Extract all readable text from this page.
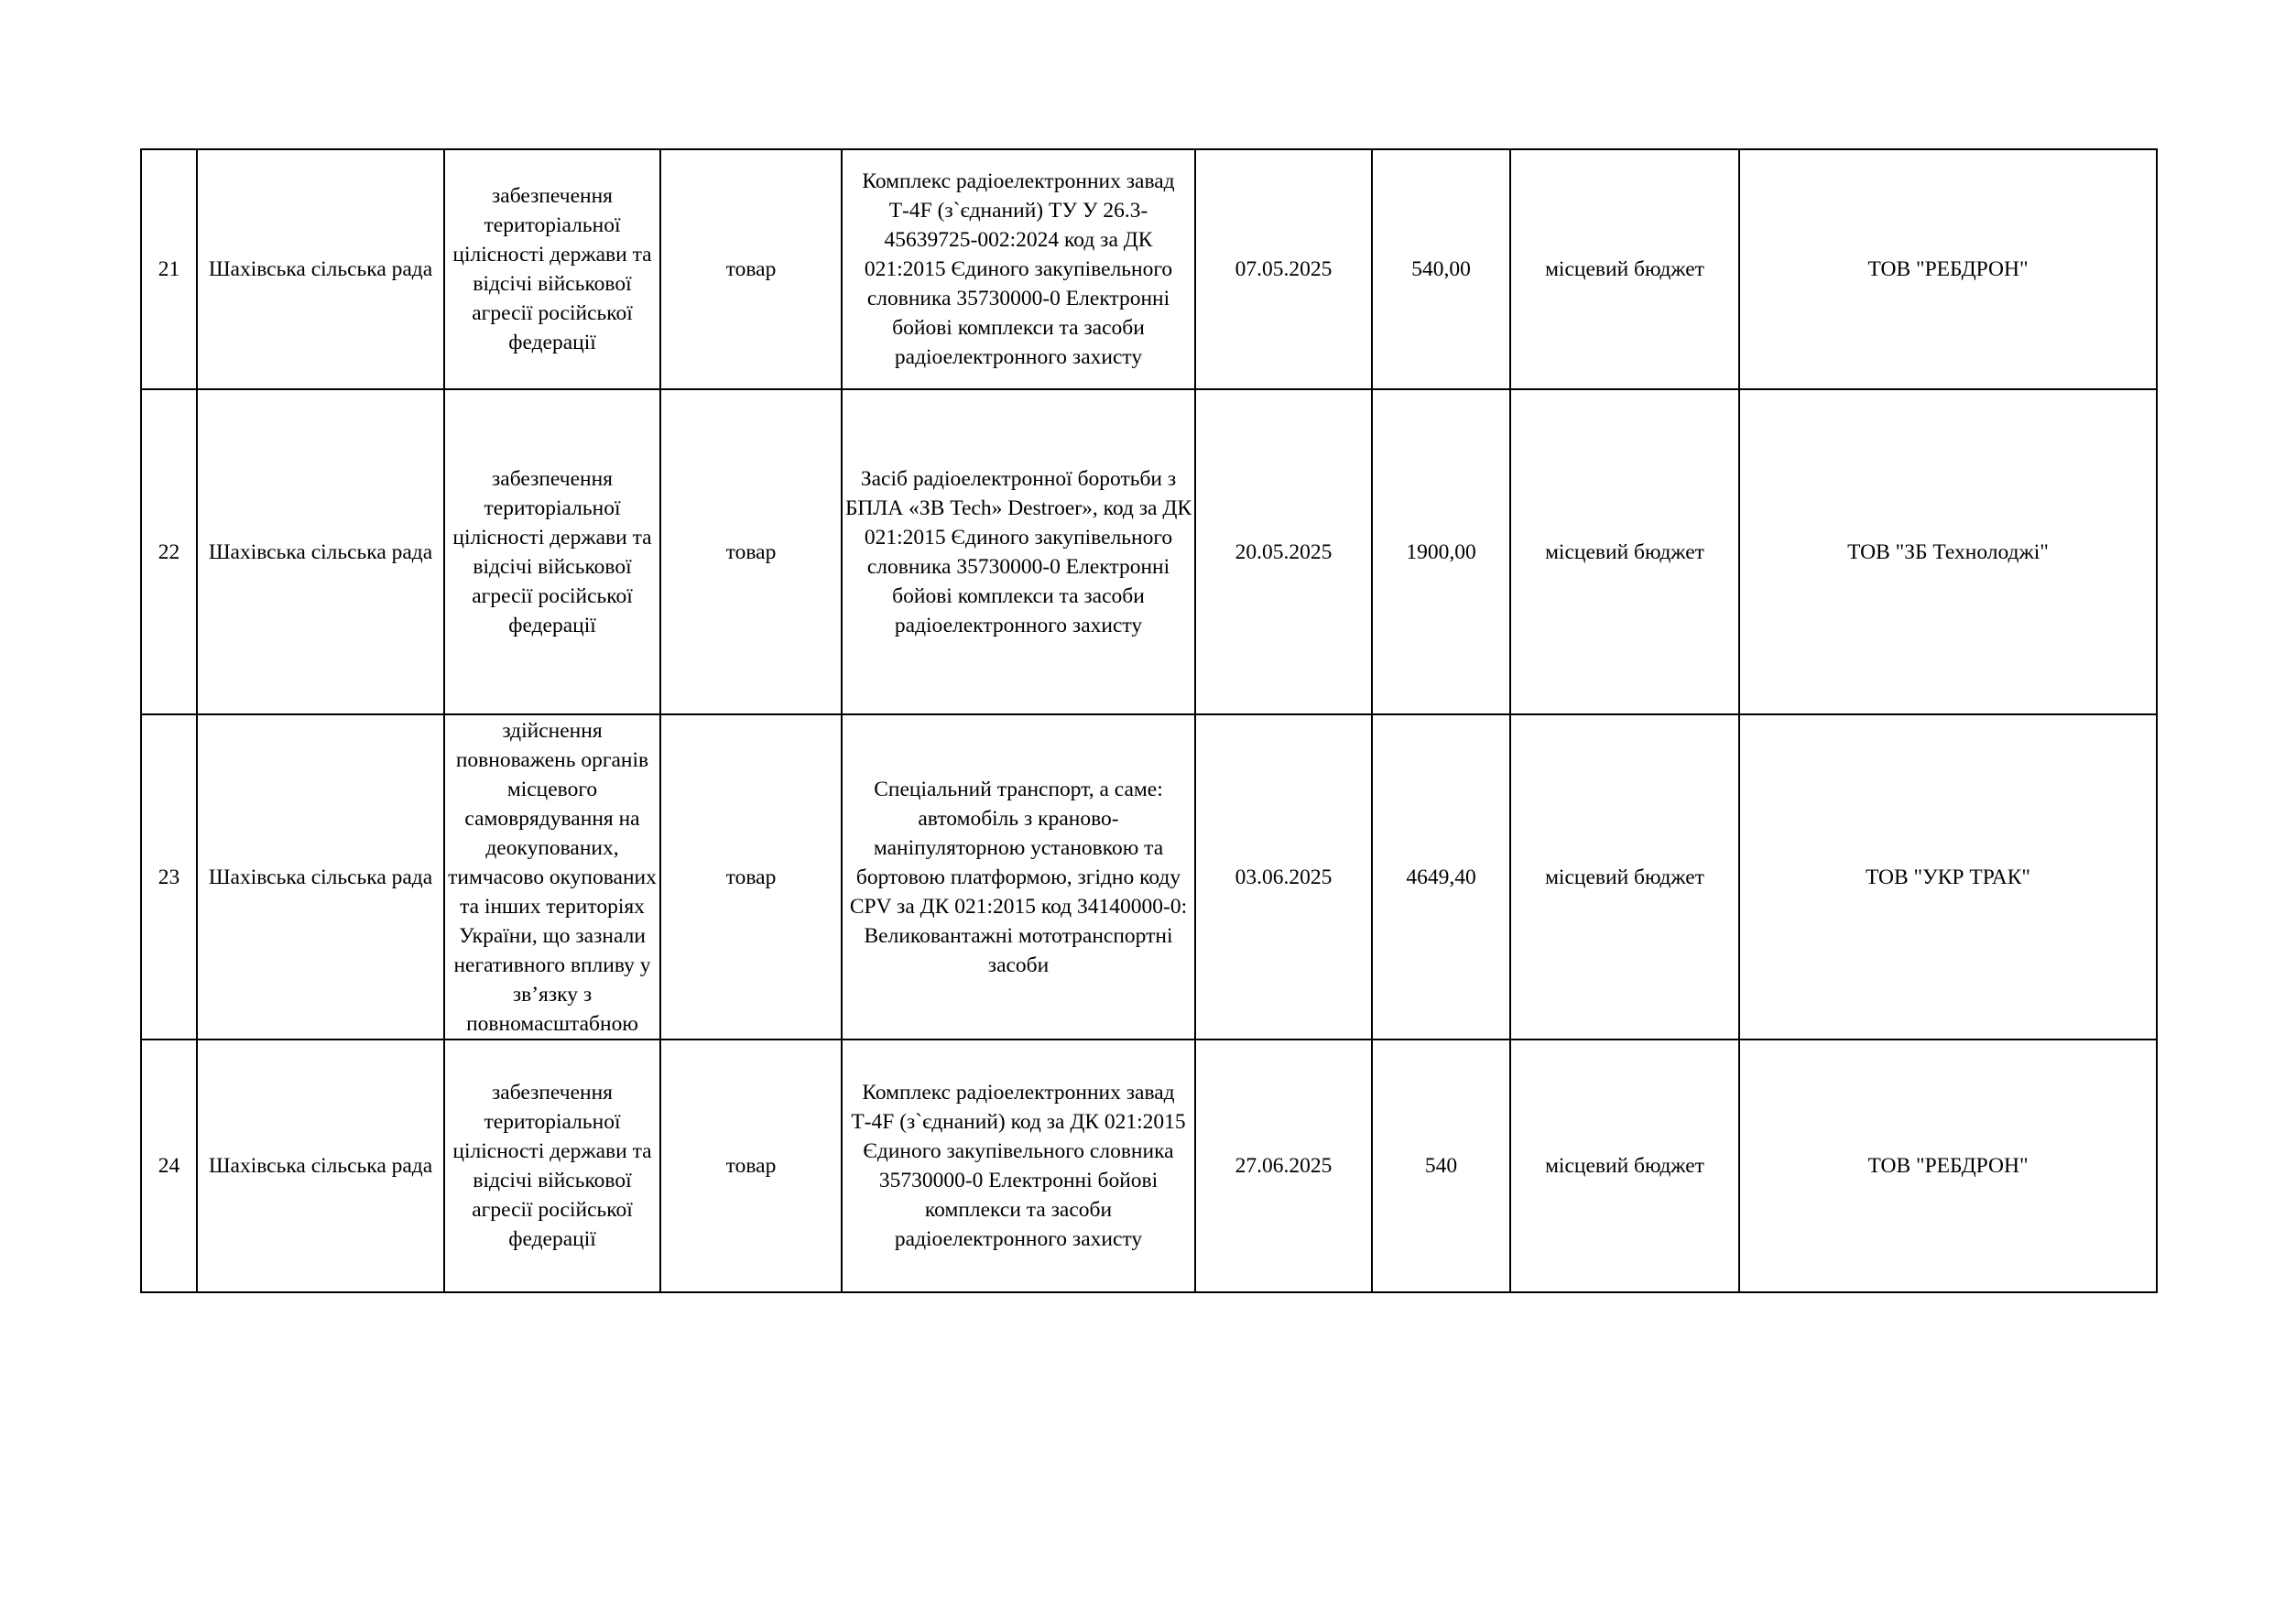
21	Шахівська сільська рада	забезпечення територіальної цілісності держави та відсічі військової агресії російської федерації	товар	Комплекс радіоелектронних завад Т-4F (з`єднаний) ТУ У 26.3-45639725-002:2024 код за ДК 021:2015 Єдиного закупівельного словника 35730000-0 Електронні бойові комплекси та засоби радіоелектронного захисту	07.05.2025	540,00	місцевий бюджет	ТОВ "РЕБДРОН"
22	Шахівська сільська рада	забезпечення територіальної цілісності держави та відсічі військової агресії російської федерації	товар	Засіб радіоелектронної боротьби з БПЛА «ЗВ Tech» Destroer», код за ДК 021:2015 Єдиного закупівельного словника 35730000-0 Електронні бойові комплекси та засоби радіоелектронного захисту	20.05.2025	1900,00	місцевий бюджет	ТОВ "ЗБ Технолоджі"
23	Шахівська сільська рада	здійснення повноважень органів місцевого самоврядування на деокупованих, тимчасово окупованих та інших територіях України, що зазнали негативного впливу у зв’язку з повномасштабною	товар	Спеціальний транспорт, а саме: автомобіль з краново-маніпуляторною установкою та бортовою платформою, згідно коду CPV за ДК 021:2015 код 34140000-0: Великовантажні мототранспортні засоби	03.06.2025	4649,40	місцевий бюджет	ТОВ "УКР ТРАК"
24	Шахівська сільська рада	забезпечення територіальної цілісності держави та відсічі військової агресії російської федерації	товар	Комплекс радіоелектронних завад Т-4F (з`єднаний) код за ДК 021:2015 Єдиного закупівельного словника 35730000-0 Електронні бойові комплекси та засоби радіоелектронного захисту	27.06.2025	540	місцевий бюджет	ТОВ "РЕБДРОН"
